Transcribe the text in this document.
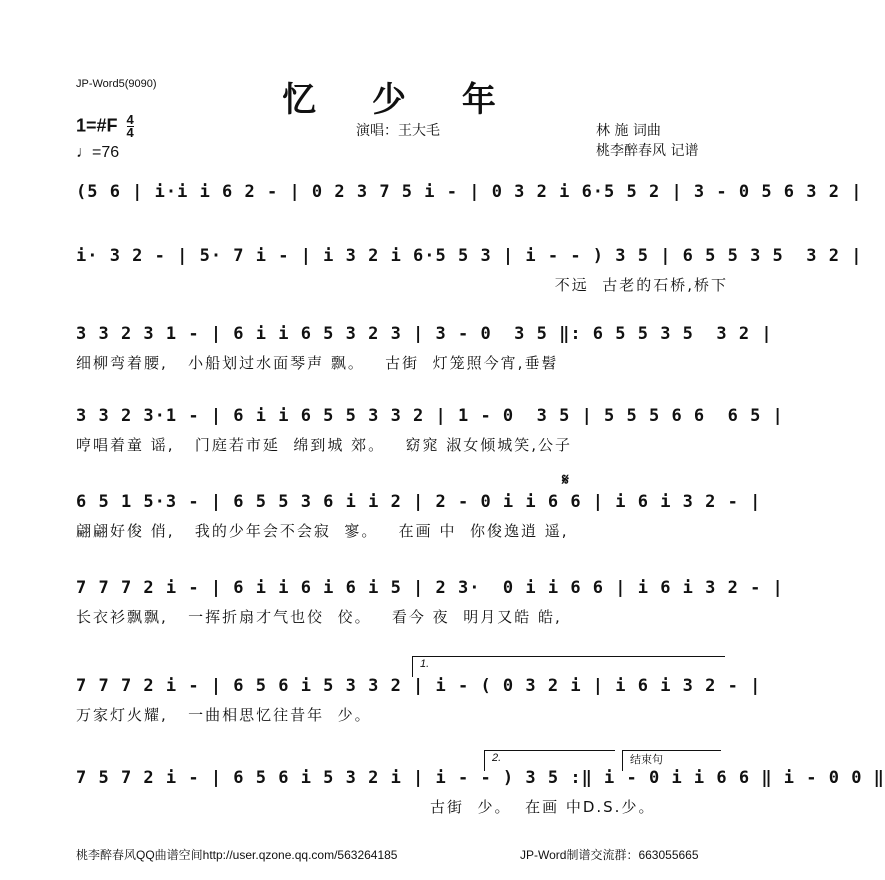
JP-Word5(9090)	忆 少 年
1=#F $\frac{4}{4}$
♩=76
演唱：王大毛	林 施 词曲
桃李醉春风 记谱
(5 6 | i·i i 6 2 - | 0 2 3 7 5 i - | 0 3 2 i 6·5 5 2 | 3 - 0 5 6 3 2 |
i· 3 2 - | 5· 7 i - | i 3 2 i 6·5 5 3 | i - - ) 3 5 | 6 5 5 3 5  3 2 |
不远  古老的石桥,桥下
3 3 2 3 1 - | 6 i i 6 5 3 2 3 | 3 - 0  3 5 ‖: 6 5 5 3 5  3 2 |
细柳弯着腰,   小船划过水面琴声 飘。   古街  灯笼照今宵,垂髫
3 3 2 3·1 - | 6 i i 6 5 5 3 3 2 | 1 - 0  3 5 | 5 5 5 6 6  6 5 |
哼唱着童 谣,   门庭若市延  绵到城 郊。   窈窕 淑女倾城笑,公子
𝄋
6 5 1 5·3 - | 6 5 5 3 6 i i 2 | 2 - 0 i i 6 6 | i 6 i 3 2 - |
翩翩好俊 俏,   我的少年会不会寂  寥。   在画 中  你俊逸逍 遥,
7 7 7 2 i - | 6 i i 6 i 6 i 5 | 2 3·  0 i i 6 6 | i 6 i 3 2 - |
长衣衫飘飘,   一挥折扇才气也佼  佼。   看今 夜  明月又皓 皓,
1.
7 7 7 2 i - | 6 5 6 i 5 3 3 2 | i - ( 0 3 2 i | i 6 i 3 2 - |
万家灯火耀,   一曲相思忆往昔年  少。
2.	结束句
7 5 7 2 i - | 6 5 6 i 5 3 2 i | i - - ) 3 5 :‖ i - 0 i i 6 6 ‖ i - 0 0 ‖
古街  少。  在画 中D.S.少。
桃李醉春风QQ曲谱空间http://user.qzone.qq.com/563264185	JP-Word制谱交流群：663055665
